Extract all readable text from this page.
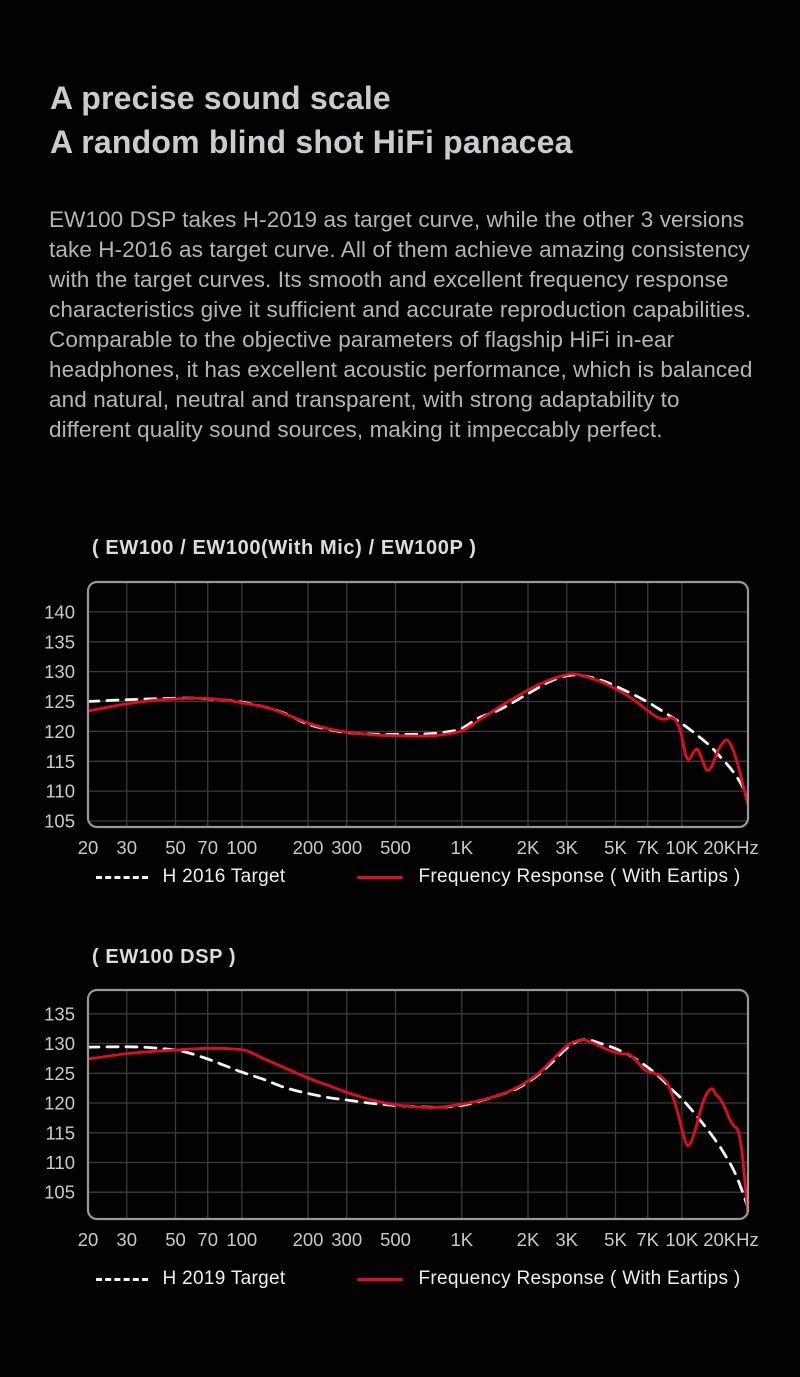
A precise sound scale
A random blind shot HiFi panacea
EW100 DSP takes H-2019 as target curve, while the other 3 versions take H-2016 as target curve. All of them achieve amazing consistency with the target curves. Its smooth and excellent frequency response characteristics give it sufficient and accurate reproduction capabilities. Comparable to the objective parameters of flagship HiFi in-ear headphones, it has excellent acoustic performance, which is balanced and natural, neutral and transparent, with strong adaptability to different quality sound sources, making it impeccably perfect.
( EW100 / EW100(With Mic) / EW100P )
20 30 50 70 100 200 300 500 1K 2K 3K 5K 7K 10K 20KHz
105
110
115
120
125
130
135
140
H 2016 Target	Frequency Response ( With Eartips )
( EW100 DSP )
20 30 50 70 100 200 300 500 1K 2K 3K 5K 7K 10K 20KHz
105
110
115
120
125
130
135
H 2019 Target	Frequency Response ( With Eartips )
